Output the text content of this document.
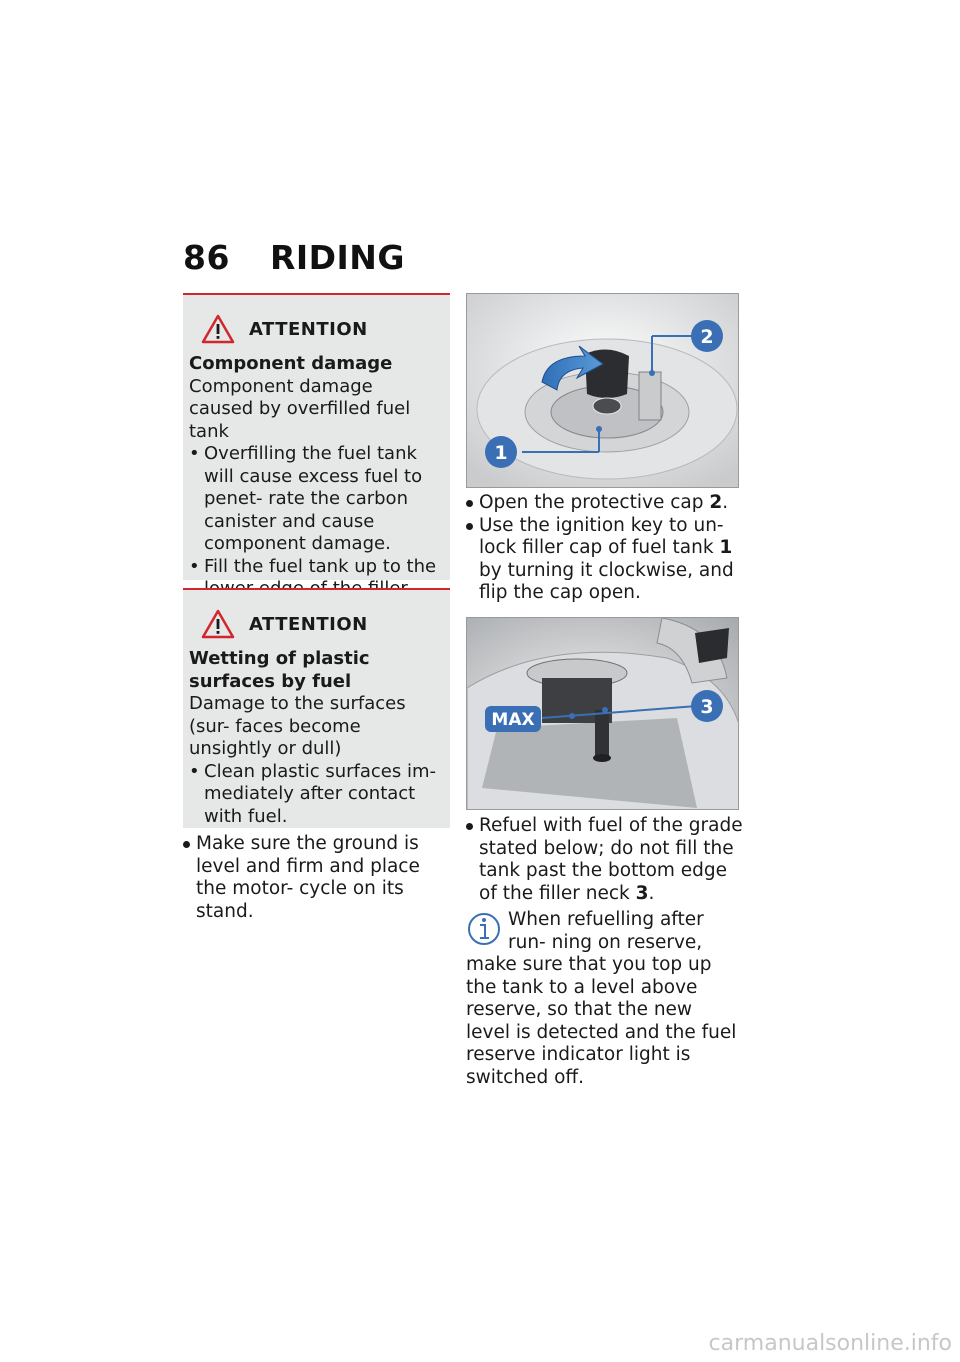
86 RIDING
ATTENTION
Component damage
Component damage caused by overfilled fuel tank
• Overfilling the fuel tank will cause excess fuel to penet- rate the carbon canister and cause component damage.
• Fill the fuel tank up to the
ATTENTION
Wetting of plastic surfaces by fuel
Damage to the surfaces (sur- faces become unsightly or dull)
• Clean plastic surfaces im- mediately after contact with fuel.
Make sure the ground is level and firm and place the motor- cycle on its stand.
1
2
Open the protective cap 2.
Use the ignition key to un- lock filler cap of fuel tank 1 by turning it clockwise, and flip the cap open.
MAX
3
Refuel with fuel of the grade stated below; do not fill the tank past the bottom edge of the filler neck 3.
When refuelling after run- ning on reserve, make sure that you top up the tank to a level above reserve, so that the new level is detected and the fuel reserve indicator light is switched off.
carmanualsonline.info
